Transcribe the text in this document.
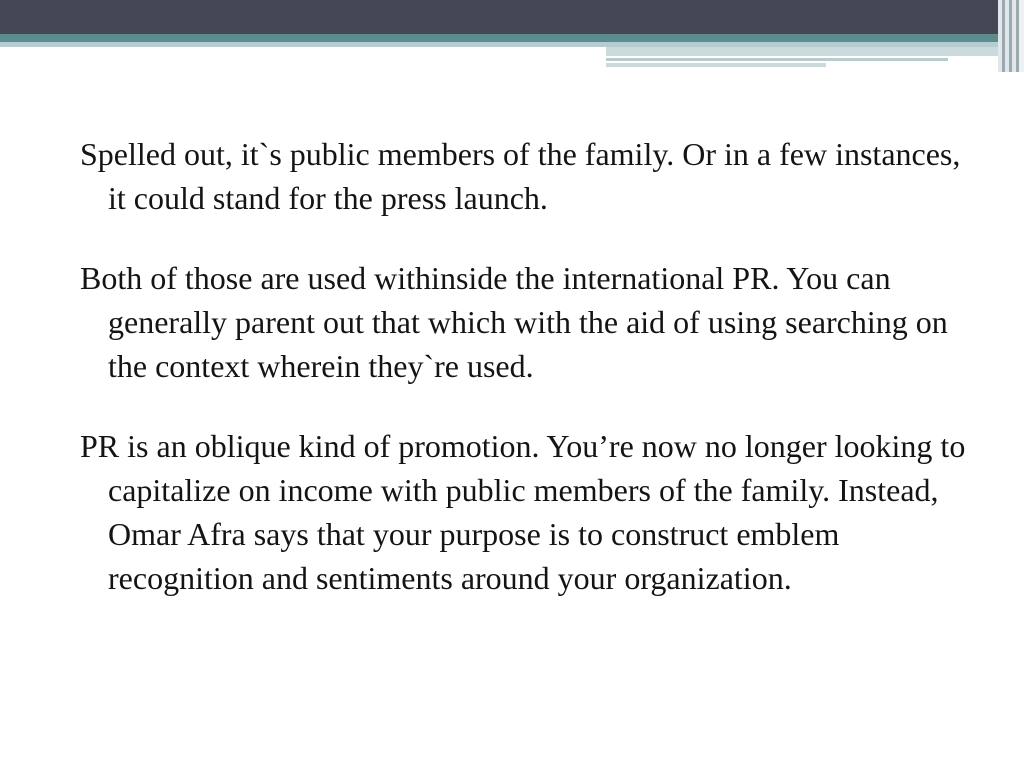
Spelled out, it`s public members of the family. Or in a few instances, it could stand for the press launch.

Both of those are used withinside the international PR. You can generally parent out that which with the aid of using searching on the context wherein they`re used.

PR is an oblique kind of promotion. You’re now no longer looking to capitalize on income with public members of the family. Instead, Omar Afra says that your purpose is to construct emblem recognition and sentiments around your organization.
